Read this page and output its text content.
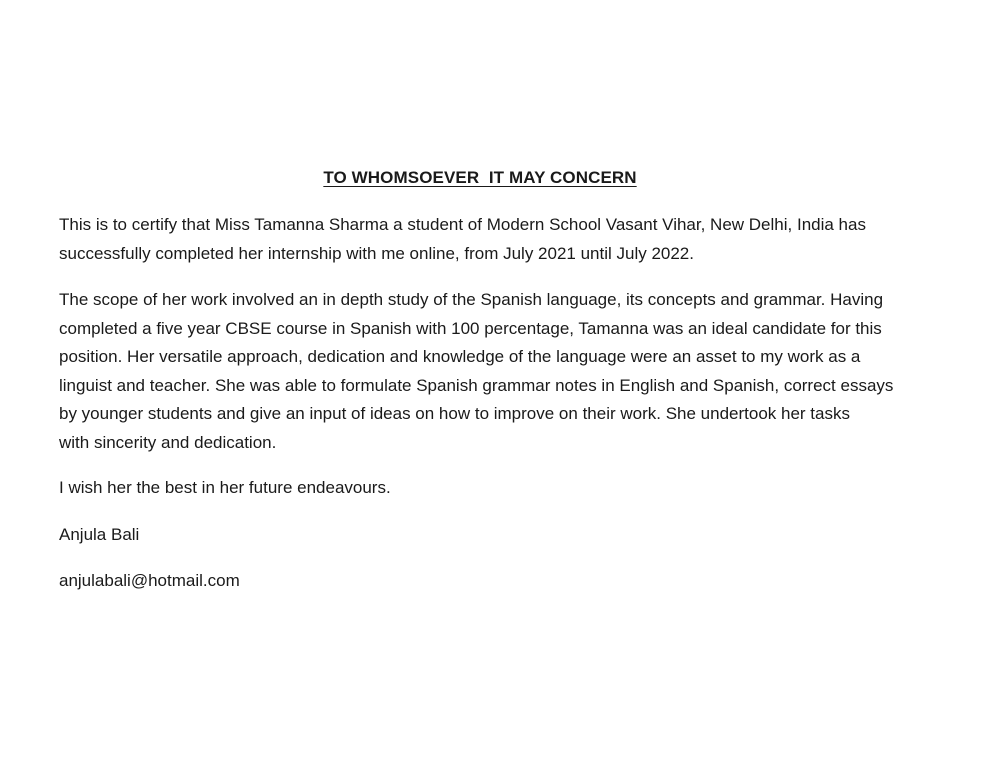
TO WHOMSOEVER  IT MAY CONCERN
This is to certify that Miss Tamanna Sharma a student of Modern School Vasant Vihar, New Delhi, India has
successfully completed her internship with me online, from July 2021 until July 2022.
The scope of her work involved an in depth study of the Spanish language, its concepts and grammar. Having
completed a five year CBSE course in Spanish with 100 percentage, Tamanna was an ideal candidate for this
position. Her versatile approach, dedication and knowledge of the language were an asset to my work as a
linguist and teacher. She was able to formulate Spanish grammar notes in English and Spanish, correct essays
by younger students and give an input of ideas on how to improve on their work. She undertook her tasks
with sincerity and dedication.
I wish her the best in her future endeavours.
Anjula Bali
anjulabali@hotmail.com
